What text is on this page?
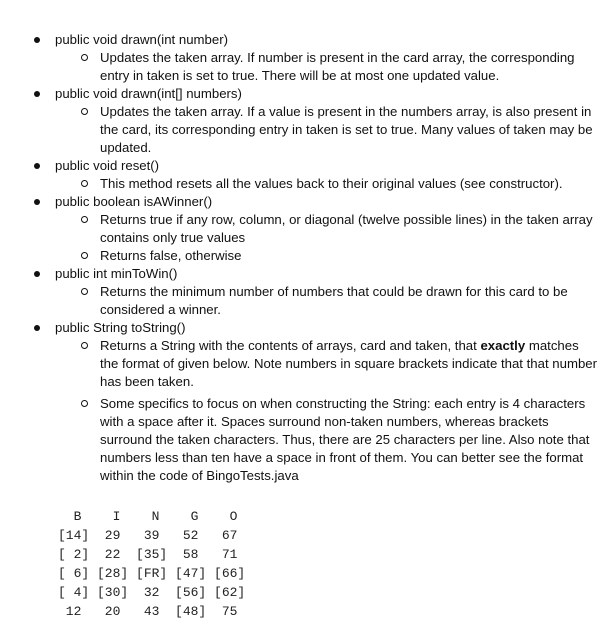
public void drawn(int number)
Updates the taken array. If number is present in the card array, the corresponding entry in taken is set to true. There will be at most one updated value.
public void drawn(int[] numbers)
Updates the taken array. If a value is present in the numbers array, is also present in the card, its corresponding entry in taken is set to true. Many values of taken may be updated.
public void reset()
This method resets all the values back to their original values (see constructor).
public boolean isAWinner()
Returns true if any row, column, or diagonal (twelve possible lines) in the taken array contains only true values
Returns false, otherwise
public int minToWin()
Returns the minimum number of numbers that could be drawn for this card to be considered a winner.
public String toString()
Returns a String with the contents of arrays, card and taken, that exactly matches the format of given below. Note numbers in square brackets indicate that that number has been taken.
Some specifics to focus on when constructing the String: each entry is 4 characters with a space after it. Spaces surround non-taken numbers, whereas brackets surround the taken characters. Thus, there are 25 characters per line. Also note that numbers less than ten have a space in front of them. You can better see the format within the code of BingoTests.java
B    I    N    G    O
[14]  29   39   52   67
[ 2]  22  [35]  58   71
[ 6] [28] [FR] [47] [66]
[ 4] [30]  32  [56] [62]
12   20   43  [48]  75
